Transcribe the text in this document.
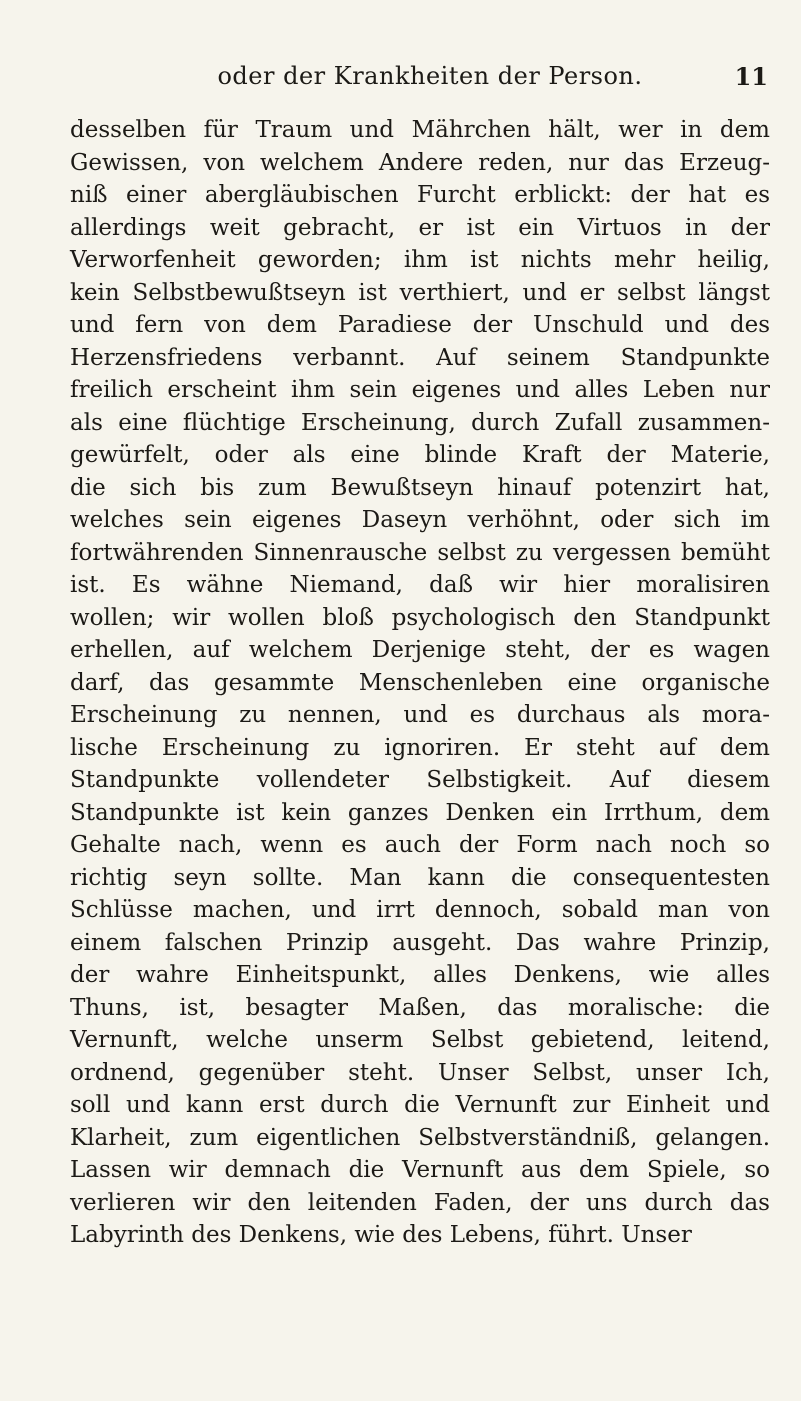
oder der Krankheiten der Person.	11
desselben für Traum und Mährchen hält, wer in dem
Gewissen, von welchem Andere reden, nur das Erzeug-
niß einer abergläubischen Furcht erblickt: der hat es
allerdings weit gebracht, er ist ein Virtuos in der
Verworfenheit geworden; ihm ist nichts mehr heilig,
kein Selbstbewußtseyn ist verthiert, und er selbst längst
und fern von dem Paradiese der Unschuld und des
Herzensfriedens verbannt. Auf seinem Standpunkte
freilich erscheint ihm sein eigenes und alles Leben nur
als eine flüchtige Erscheinung, durch Zufall zusammen-
gewürfelt, oder als eine blinde Kraft der Materie,
die sich bis zum Bewußtseyn hinauf potenzirt hat,
welches sein eigenes Daseyn verhöhnt, oder sich im
fortwährenden Sinnenrausche selbst zu vergessen bemüht
ist. Es wähne Niemand, daß wir hier moralisiren
wollen; wir wollen bloß psychologisch den Standpunkt
erhellen, auf welchem Derjenige steht, der es wagen
darf, das gesammte Menschenleben eine organische
Erscheinung zu nennen, und es durchaus als mora-
lische Erscheinung zu ignoriren. Er steht auf dem
Standpunkte vollendeter Selbstigkeit. Auf diesem
Standpunkte ist kein ganzes Denken ein Irrthum, dem
Gehalte nach, wenn es auch der Form nach noch so
richtig seyn sollte. Man kann die consequentesten
Schlüsse machen, und irrt dennoch, sobald man von
einem falschen Prinzip ausgeht. Das wahre Prinzip,
der wahre Einheitspunkt, alles Denkens, wie alles
Thuns, ist, besagter Maßen, das moralische: die
Vernunft, welche unserm Selbst gebietend, leitend,
ordnend, gegenüber steht. Unser Selbst, unser Ich,
soll und kann erst durch die Vernunft zur Einheit und
Klarheit, zum eigentlichen Selbstverständniß, gelangen.
Lassen wir demnach die Vernunft aus dem Spiele, so
verlieren wir den leitenden Faden, der uns durch das
Labyrinth des Denkens, wie des Lebens, führt. Unser
